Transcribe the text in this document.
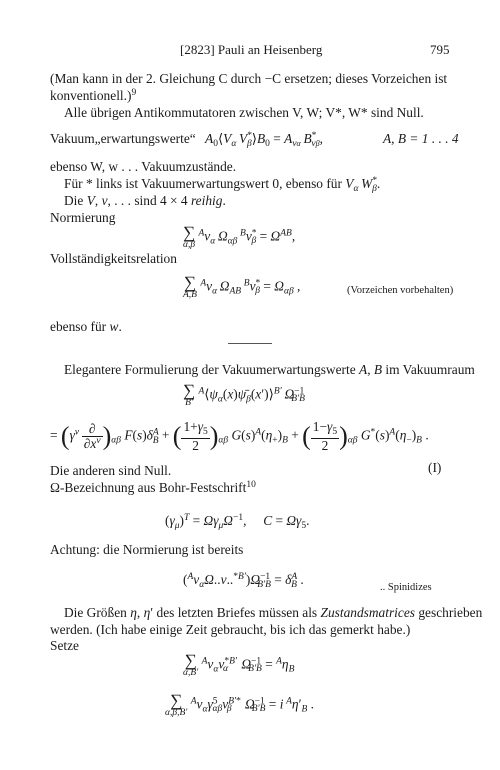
[2823] Pauli an Heisenberg	795
(Man kann in der 2. Gleichung C durch −C ersetzen; dieses Vorzeichen ist
konventionell.)$^9$
Alle übrigen Antikommutatoren zwischen V, W; V*, W* sind Null.
Vakuum„erwartungswerte“ $A_0⟨V_\alpha$  $V^*_\beta⟩B_0 = A_{v\alpha}$  $B^*_{v\beta}$,	A, B = 1 . . . 4
ebenso W, w . . . Vakuumzustände.
Für * links ist Vakuumerwartungswert 0, ebenso für $V_\alpha$  $W^*_\beta$.
Die V, v, . . . sind 4 × 4 reihig.
Normierung
∑
α,β
$^Av_\alpha$  $\Omega_{\alpha\beta}$ $^Bv^*_\beta = \Omega^{AB}$,
Vollständigkeitsrelation
∑
A,B
$^Av_\alpha$  $\Omega_{AB}$ $^Bv^*_\beta = \Omega_{\alpha\beta}$ ,	(Vorzeichen vorbehalten)
ebenso für w.
Elegantere Formulierung der Vakuumerwartungswerte A, B im Vakuumraum
∑
B′
$^A⟨\psi_\alpha(x)\psī_\beta(x')⟩^{B'}$  $\Omega^{-1}_{B'B}$
= $(\gamma^\nu \frac{\partial}{\partial x^\nu} )_{\alpha\beta}$ $F(s)\delta^A_B$ + ( $\frac{1+\gamma_5}{2} )_{\alpha\beta}$ $G(s)^A(\eta_+)_B$ + ( $\frac{1-\gamma_5}{2} )_{\alpha\beta}$ $G^*(s)^A(\eta_-)_B$ .
(I)
Die anderen sind Null.
Ω-Bezeichnung aus Bohr-Festschrift$^{10}$
$(\gamma_\mu)^T = \Omega\gamma_\mu\Omega^{-1}$,  $C = \Omega\gamma_5$.
Achtung: die Normierung ist bereits
$(^Av_\alpha\Omega..v..^{*B'})\Omega^{-1}_{B'B} = \delta^A_B$ .
.. Spinidizes
Die Größen η, η′ des letzten Briefes müssen als Zustandsmatrices geschrieben
werden. (Ich habe einige Zeit gebraucht, bis ich das gemerkt habe.)
Setze
∑
α,B′
$^Av_\alpha v^{*B'}_\alpha$  $\Omega^{-1}_{B'B} = ^A\eta_B$
∑
α,β,B′
$^Av_\alpha\gamma^5_{\alpha\beta}v^{B'*}_\beta$  $\Omega^{-1}_{B'B} = i$  $^A\eta'_B$ .
